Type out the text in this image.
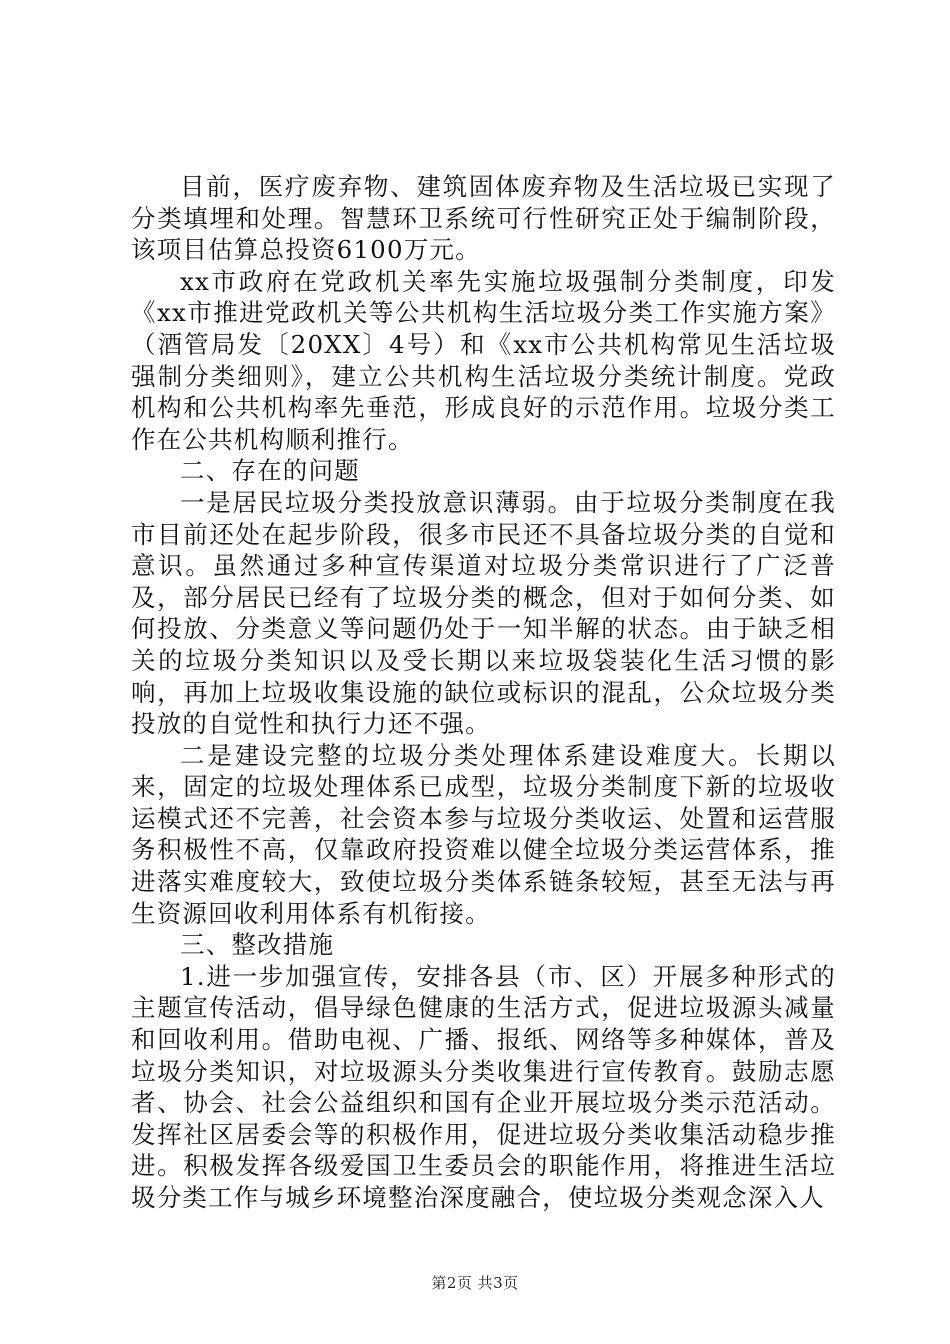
目前，医疗废弃物、建筑固体废弃物及生活垃圾已实现了分类填埋和处理。智慧环卫系统可行性研究正处于编制阶段，该项目估算总投资6100万元。

xx市政府在党政机关率先实施垃圾强制分类制度，印发《xx市推进党政机关等公共机构生活垃圾分类工作实施方案》（酒管局发〔20XX〕4号）和《xx市公共机构常见生活垃圾强制分类细则》，建立公共机构生活垃圾分类统计制度。党政机构和公共机构率先垂范，形成良好的示范作用。垃圾分类工作在公共机构顺利推行。

二、存在的问题

一是居民垃圾分类投放意识薄弱。由于垃圾分类制度在我市目前还处在起步阶段，很多市民还不具备垃圾分类的自觉和意识。虽然通过多种宣传渠道对垃圾分类常识进行了广泛普及，部分居民已经有了垃圾分类的概念，但对于如何分类、如何投放、分类意义等问题仍处于一知半解的状态。由于缺乏相关的垃圾分类知识以及受长期以来垃圾袋装化生活习惯的影响，再加上垃圾收集设施的缺位或标识的混乱，公众垃圾分类投放的自觉性和执行力还不强。

二是建设完整的垃圾分类处理体系建设难度大。长期以来，固定的垃圾处理体系已成型，垃圾分类制度下新的垃圾收运模式还不完善，社会资本参与垃圾分类收运、处置和运营服务积极性不高，仅靠政府投资难以健全垃圾分类运营体系，推进落实难度较大，致使垃圾分类体系链条较短，甚至无法与再生资源回收利用体系有机衔接。

三、整改措施

1.进一步加强宣传，安排各县（市、区）开展多种形式的主题宣传活动，倡导绿色健康的生活方式，促进垃圾源头减量和回收利用。借助电视、广播、报纸、网络等多种媒体，普及垃圾分类知识，对垃圾源头分类收集进行宣传教育。鼓励志愿者、协会、社会公益组织和国有企业开展垃圾分类示范活动。发挥社区居委会等的积极作用，促进垃圾分类收集活动稳步推进。积极发挥各级爱国卫生委员会的职能作用，将推进生活垃圾分类工作与城乡环境整治深度融合，使垃圾分类观念深入人

第2页 共3页
